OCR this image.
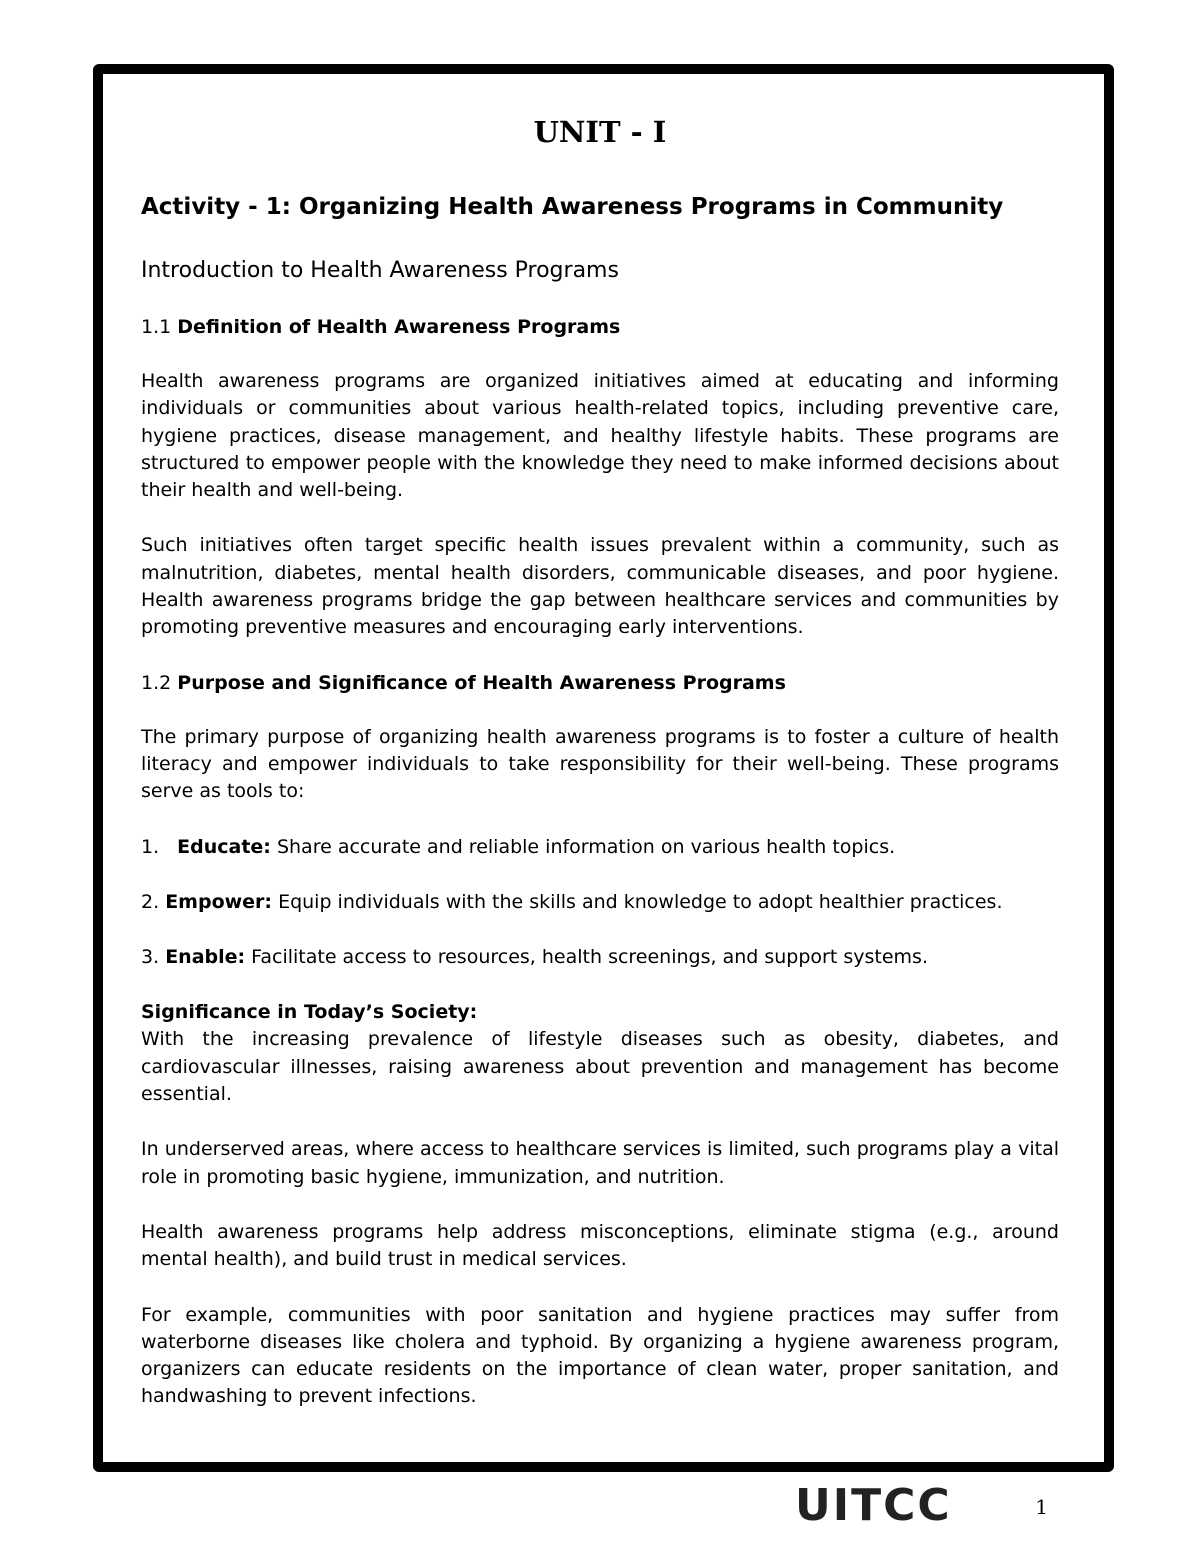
UNIT - I
Activity - 1: Organizing Health Awareness Programs in Community
Introduction to Health Awareness Programs
1.1 Definition of Health Awareness Programs

Health awareness programs are organized initiatives aimed at educating and informing individuals or communities about various health-related topics, including preventive care, hygiene practices, disease management, and healthy lifestyle habits. These programs are structured to empower people with the knowledge they need to make informed decisions about their health and well-being.

Such initiatives often target specific health issues prevalent within a community, such as malnutrition, diabetes, mental health disorders, communicable diseases, and poor hygiene. Health awareness programs bridge the gap between healthcare services and communities by promoting preventive measures and encouraging early interventions.

1.2 Purpose and Significance of Health Awareness Programs

The primary purpose of organizing health awareness programs is to foster a culture of health literacy and empower individuals to take responsibility for their well-being. These programs serve as tools to:

1. Educate: Share accurate and reliable information on various health topics.
2. Empower: Equip individuals with the skills and knowledge to adopt healthier practices.
3. Enable: Facilitate access to resources, health screenings, and support systems.
Significance in Today’s Society:

With the increasing prevalence of lifestyle diseases such as obesity, diabetes, and cardiovascular illnesses, raising awareness about prevention and management has become essential.

In underserved areas, where access to healthcare services is limited, such programs play a vital role in promoting basic hygiene, immunization, and nutrition.

Health awareness programs help address misconceptions, eliminate stigma (e.g., around mental health), and build trust in medical services.

For example, communities with poor sanitation and hygiene practices may suffer from waterborne diseases like cholera and typhoid. By organizing a hygiene awareness program, organizers can educate residents on the importance of clean water, proper sanitation, and handwashing to prevent infections.

UITCC	1
